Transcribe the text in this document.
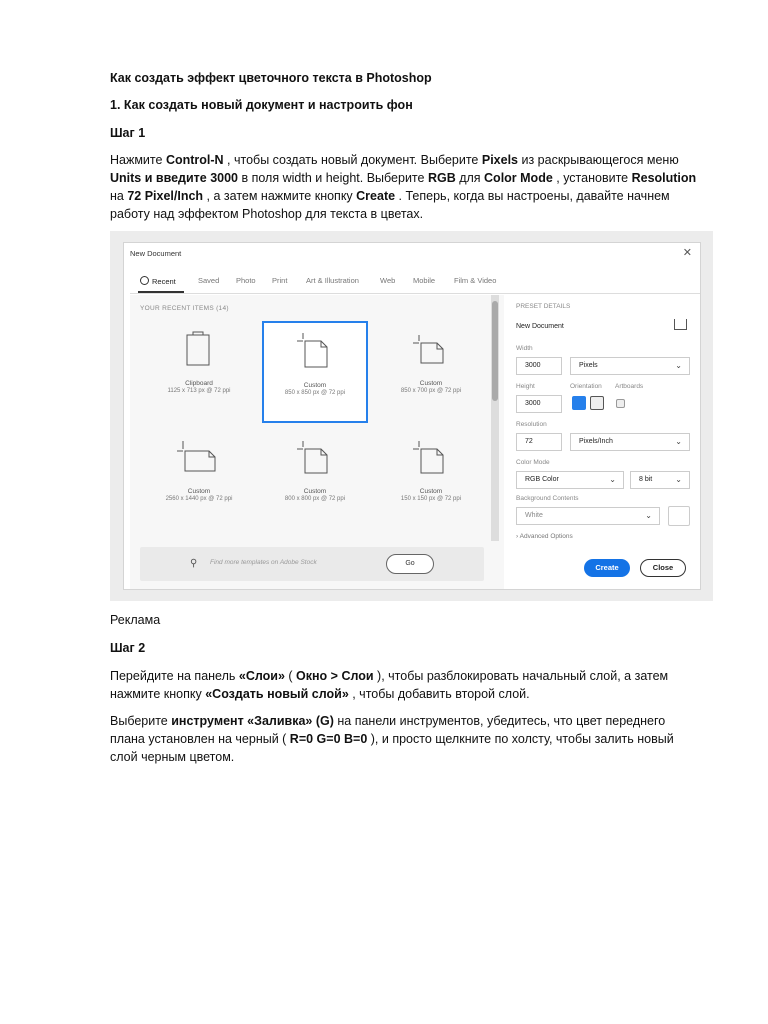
Как создать эффект цветочного текста в Photoshop

1. Как создать новый документ и настроить фон

Шаг 1

Нажмите Control-N , чтобы создать новый документ. Выберите Pixels из раскрывающегося меню Units и введите 3000 в поля width и height. Выберите RGB для Color Mode , установите Resolution на 72 Pixel/Inch , а затем нажмите кнопку Create . Теперь, когда вы настроены, давайте начнем работу над эффектом Photoshop для текста в цветах.

Реклама

Шаг 2

Перейдите на панель «Слои» ( Окно > Слои ), чтобы разблокировать начальный слой, а затем нажмите кнопку «Создать новый слой» , чтобы добавить второй слой.

Выберите инструмент «Заливка» (G) на панели инструментов, убедитесь, что цвет переднего плана установлен на черный ( R=0 G=0 B=0 ), и просто щелкните по холсту, чтобы залить новый слой черным цветом.

New Document	✕
Recent	Saved Photo Print Art & Illustration	Web Mobile	Film & Video
YOUR RECENT ITEMS (14)
Clipboard
1125 x 713 px @ 72 ppi
Custom
850 x 850 px @ 72 ppi
Custom
850 x 700 px @ 72 ppi
Custom
2560 x 1440 px @ 72 ppi
Custom
800 x 800 px @ 72 ppi
Custom
150 x 150 px @ 72 ppi
⚲ Find more templates on Adobe Stock	Go
PRESET DETAILS
New Document
Width
3000	Pixels	⌄
Height	Orientation Artboards
3000
Resolution
72	Pixels/Inch	⌄
Color Mode
RGB Color	⌄	8 bit	⌄
Background Contents
White	⌄
› Advanced Options
Create	Close
